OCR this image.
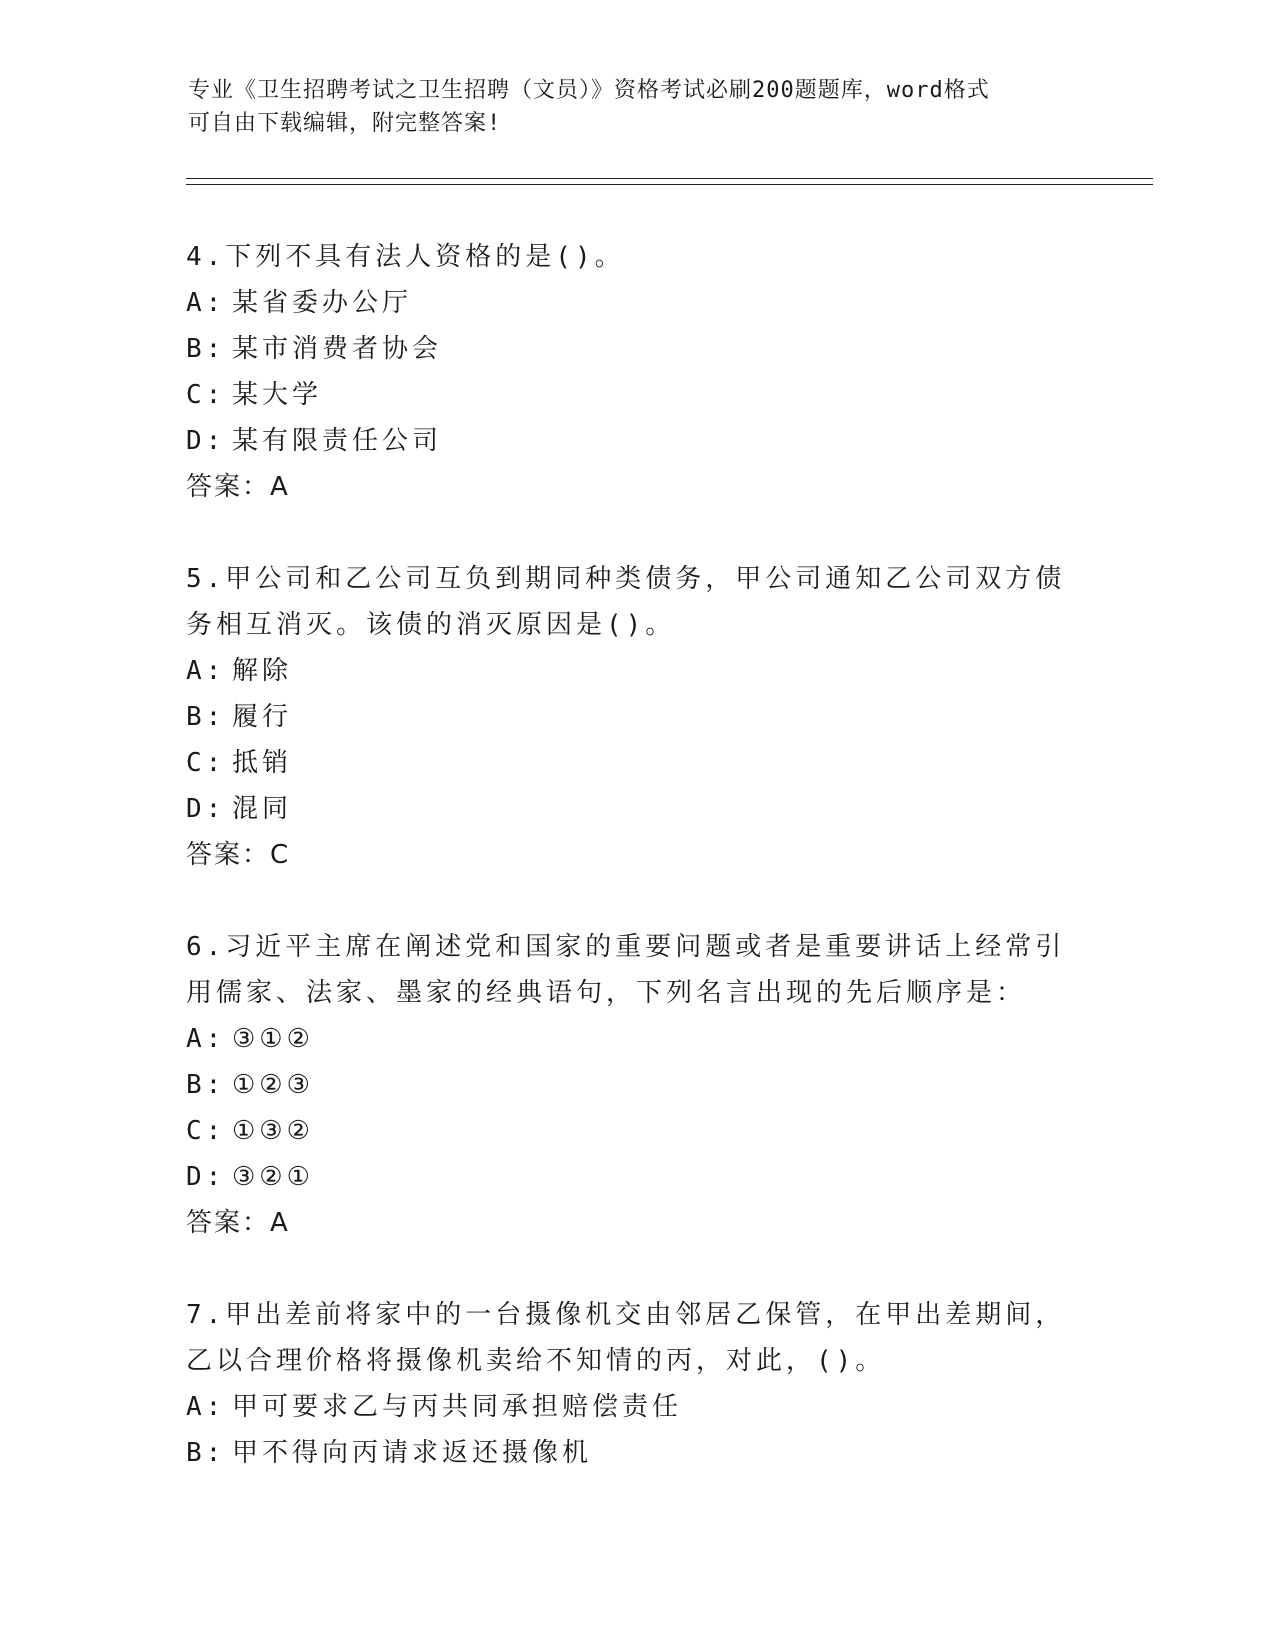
专业《卫生招聘考试之卫生招聘（文员）》资格考试必刷200题题库，word格式
可自由下载编辑，附完整答案!

4.下列不具有法人资格的是()。

A: 某省委办公厅
B: 某市消费者协会
C: 某大学
D: 某有限责任公司
答案：A

5.甲公司和乙公司互负到期同种类债务，甲公司通知乙公司双方债务相互消灭。该债的消灭原因是()。

A: 解除
B: 履行
C: 抵销
D: 混同
答案：C

6.习近平主席在阐述党和国家的重要问题或者是重要讲话上经常引用儒家、法家、墨家的经典语句，下列名言出现的先后顺序是：

A: ③①②
B: ①②③
C: ①③②
D: ③②①
答案：A

7.甲出差前将家中的一台摄像机交由邻居乙保管，在甲出差期间，乙以合理价格将摄像机卖给不知情的丙，对此，()。

A: 甲可要求乙与丙共同承担赔偿责任
B: 甲不得向丙请求返还摄像机
